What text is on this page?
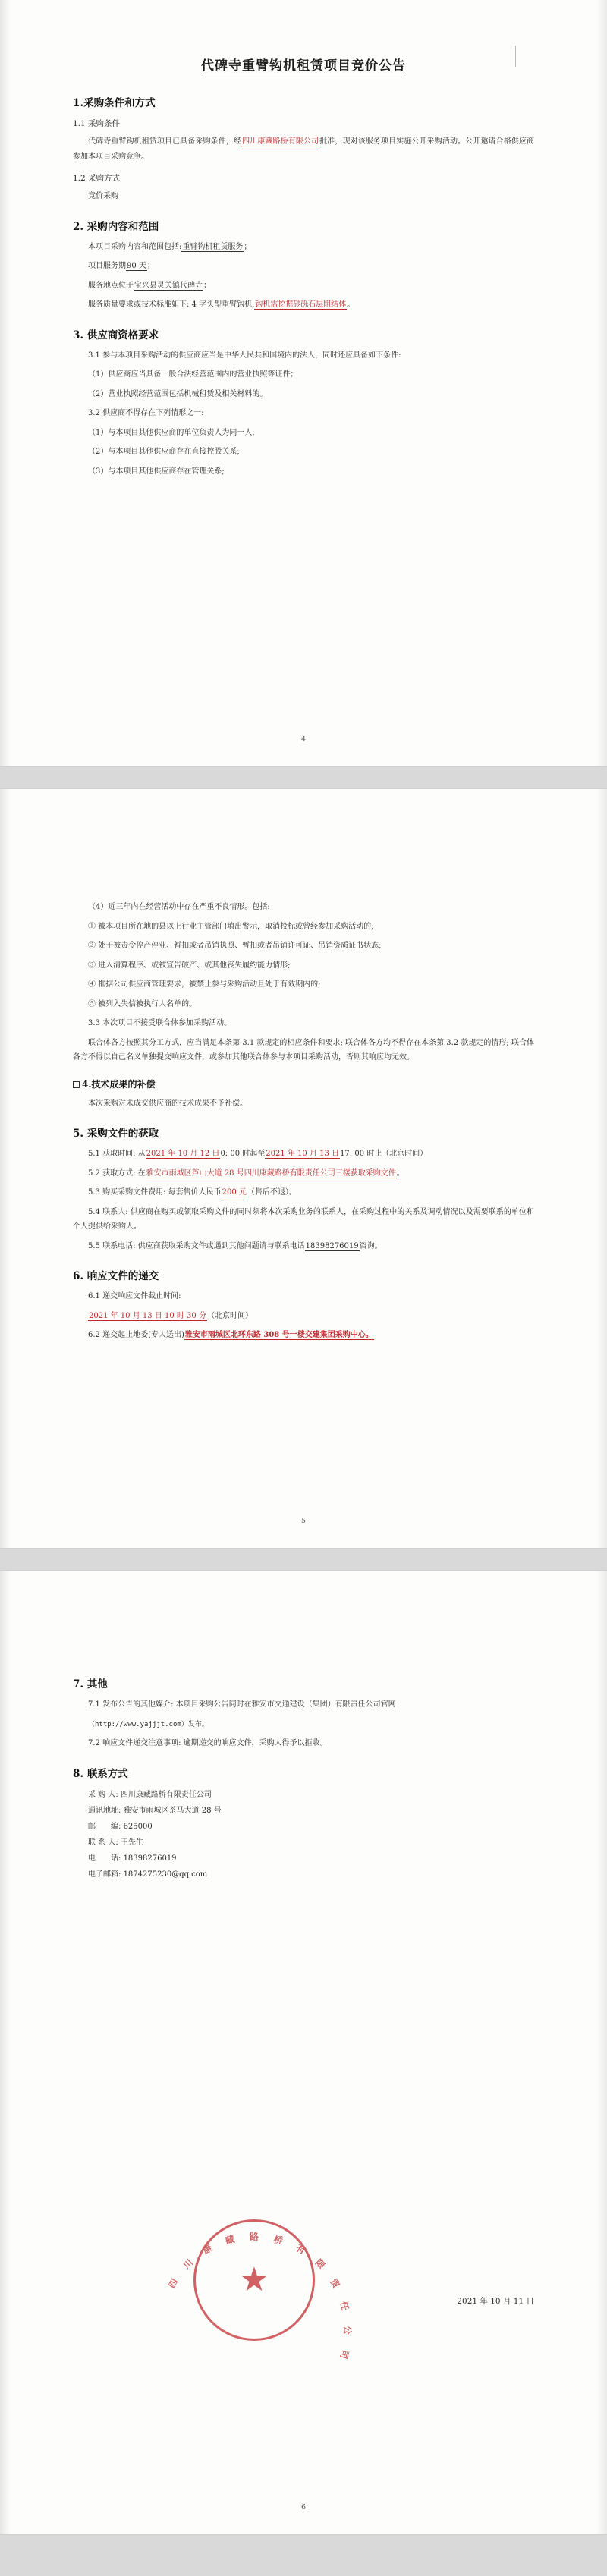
代碑寺重臂钩机租赁项目竞价公告
1.采购条件和方式
1.1 采购条件

代碑寺重臂钩机租赁项目已具备采购条件，经四川康藏路桥有限公司批准，现对该服务项目实施公开采购活动。公开邀请合格供应商参加本项目采购竞争。

1.2 采购方式

竞价采购

2. 采购内容和范围

本项目采购内容和范围包括:重臂钩机租赁服务；

项目服务期90 天；

服务地点位于宝兴县灵关镇代碑寺；

服务质量要求或技术标准如下: 4 字头型重臂钩机,钩机需挖掘砂砾石层阻结体。

3. 供应商资格要求

3.1 参与本项目采购活动的供应商应当是中华人民共和国境内的法人，同时还应具备如下条件:

（1）供应商应当具备一般合法经营范围内的营业执照等证件；

（2）营业执照经营范围包括机械租赁及相关材料的。

3.2 供应商不得存在下列情形之一:

（1）与本项目其他供应商的单位负责人为同一人;

（2）与本项目其他供应商存在直接控股关系;

（3）与本项目其他供应商存在管理关系;

4

（4）近三年内在经营活动中存在严重不良情形。包括:

① 被本项目所在地的县以上行业主管部门填出警示，取消投标或曾经参加采购活动的;

② 处于被责令停产停业、暂扣或者吊销执照、暂扣或者吊销许可证、吊销资质证书状态;

③ 进入清算程序、或被宣告破产、或其他丧失履约能力情形;

④ 框据公司供应商管理要求，被禁止参与采购活动且处于有效期内的;

⑤ 被列入失信被执行人名单的。

3.3 本次项目不接受联合体参加采购活动。

联合体各方按照其分工方式，应当满足本条第 3.1 款规定的相应条件和要求; 联合体各方均不得存在本条第 3.2 款规定的情形; 联合体各方不得以自己名义单独提交响应文件，或参加其他联合体参与本项目采购活动，否则其响应均无效。

4.技术成果的补偿

本次采购对未成交供应商的技术成果不予补偿。

5. 采购文件的获取

5.1 获取时间: 从2021 年 10 月 12 日0: 00 时起至2021 年 10 月 13 日17: 00 时止（北京时间）

5.2 获取方式: 在雅安市雨城区芦山大道 28 号四川康藏路桥有限责任公司三楼获取采购文件。

5.3 购买采购文件费用: 每套售价人民币200 元（售后不退）。

5.4 联系人: 供应商在购买或领取采购文件的同时须将本次采购业务的联系人，在采购过程中的关系及调动情况以及需要联系的单位和个人提供给采购人。

5.5 联系电话: 供应商获取采购文件或遇到其他问题请与联系电话18398276019咨询。

6. 响应文件的递交

6.1 递交响应文件截止时间:

2021 年 10 月 13 日 10 时 30 分（北京时间）

6.2 递交起止地委(专人送出)雅安市雨城区北环东路 308 号一楼交建集团采购中心。

5
7. 其他

7.1 发布公告的其他媒介: 本项目采购公告同时在雅安市交通建设（集团）有限责任公司官网

（http://www.yajjjt.com）发布。

7.2 响应文件递交注意事项: 逾期递交的响应文件，采购人得予以拒收。

8. 联系方式
采 购 人: 四川康藏路桥有限责任公司
通讯地址: 雅安市雨城区茶马大道 28 号
邮　　编: 625000
联 系 人: 王先生
电　　话: 18398276019
电子邮箱: 1874275230@qq.com
★
四
川
康
藏 路 桥
有
限
责
任
公
司
2021 年 10 月 11 日
6
